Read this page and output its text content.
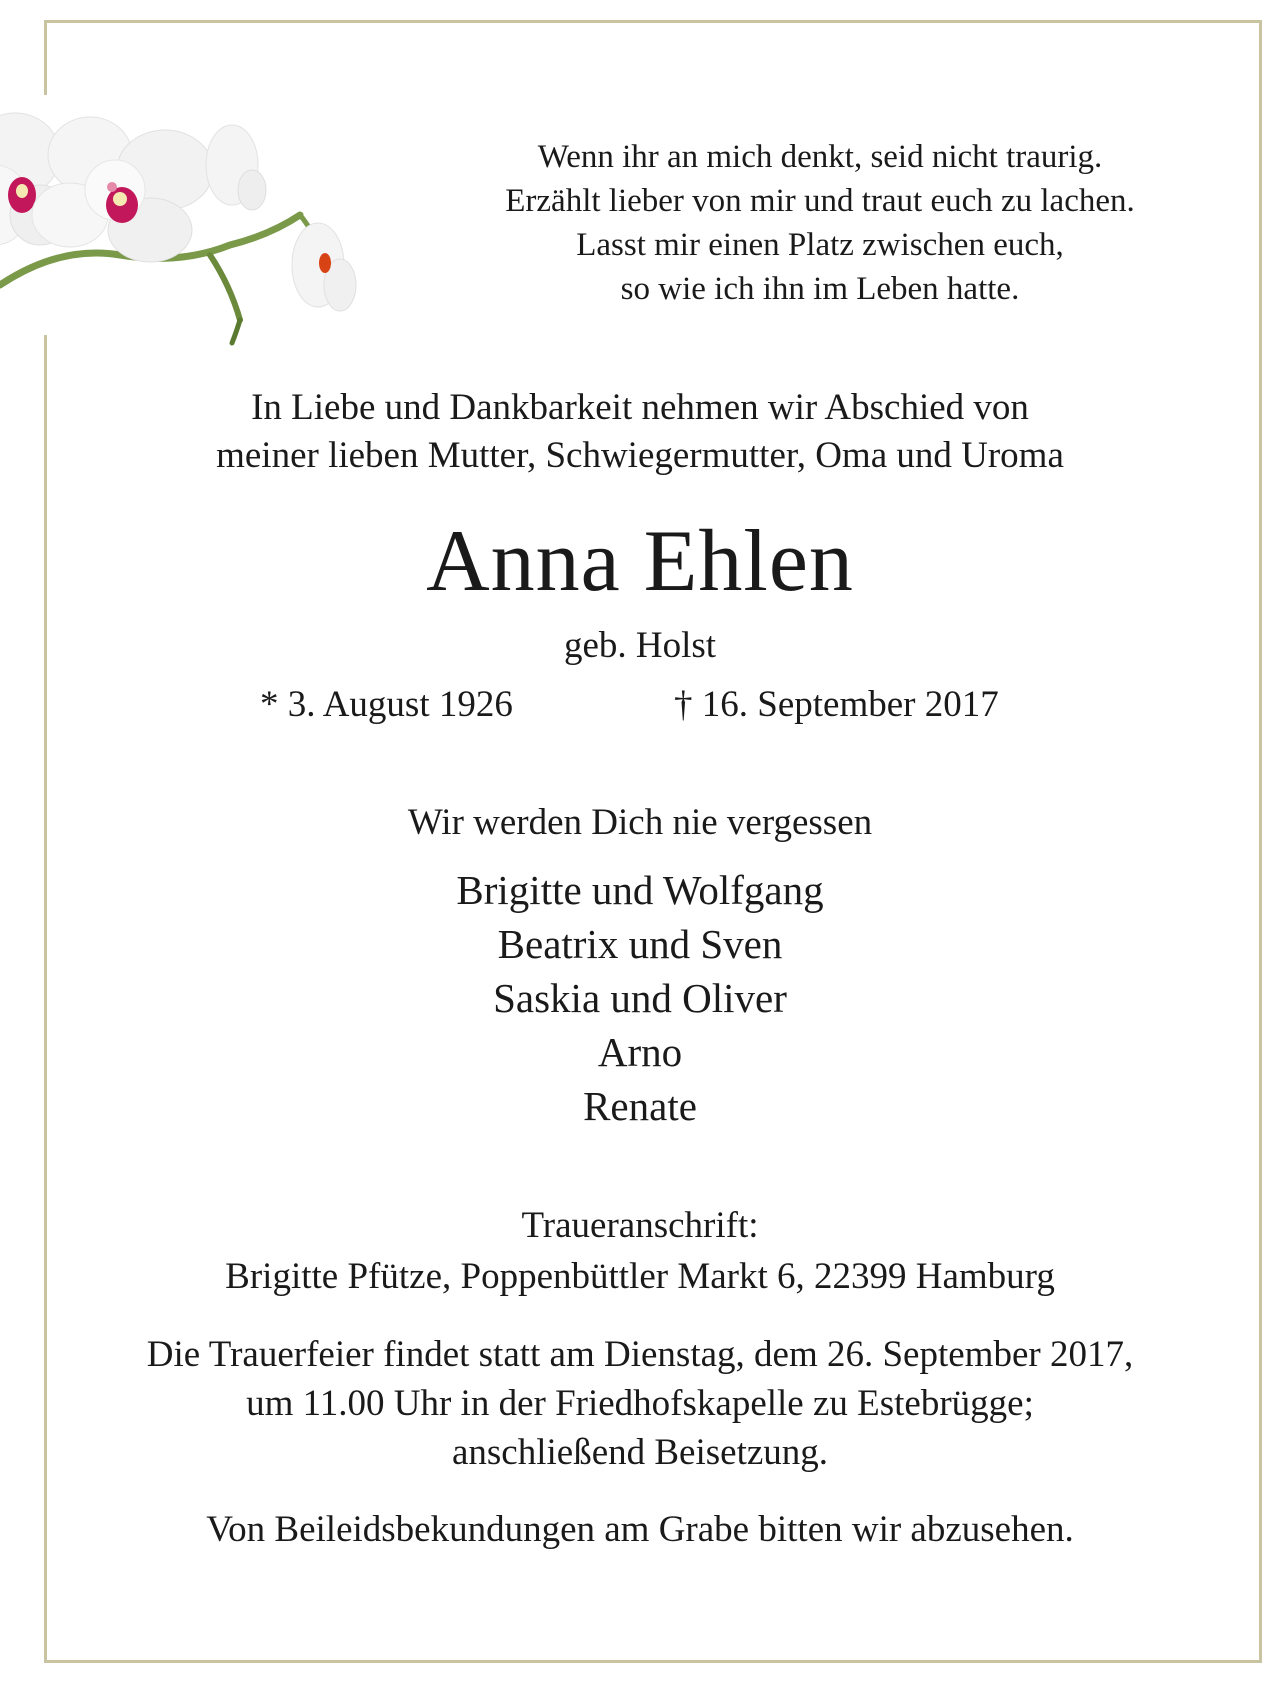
Wenn ihr an mich denkt, seid nicht traurig.
Erzählt lieber von mir und traut euch zu lachen.
Lasst mir einen Platz zwischen euch,
so wie ich ihn im Leben hatte.
In Liebe und Dankbarkeit nehmen wir Abschied von
meiner lieben Mutter, Schwiegermutter, Oma und Uroma
Anna Ehlen
geb. Holst
* 3. August 1926	† 16. September 2017
Wir werden Dich nie vergessen
Brigitte und Wolfgang
Beatrix und Sven
Saskia und Oliver
Arno
Renate
Traueranschrift:
Brigitte Pfütze, Poppenbüttler Markt 6, 22399 Hamburg
Die Trauerfeier findet statt am Dienstag, dem 26. September 2017,
um 11.00 Uhr in der Friedhofskapelle zu Estebrügge;
anschließend Beisetzung.
Von Beileidsbekundungen am Grabe bitten wir abzusehen.
